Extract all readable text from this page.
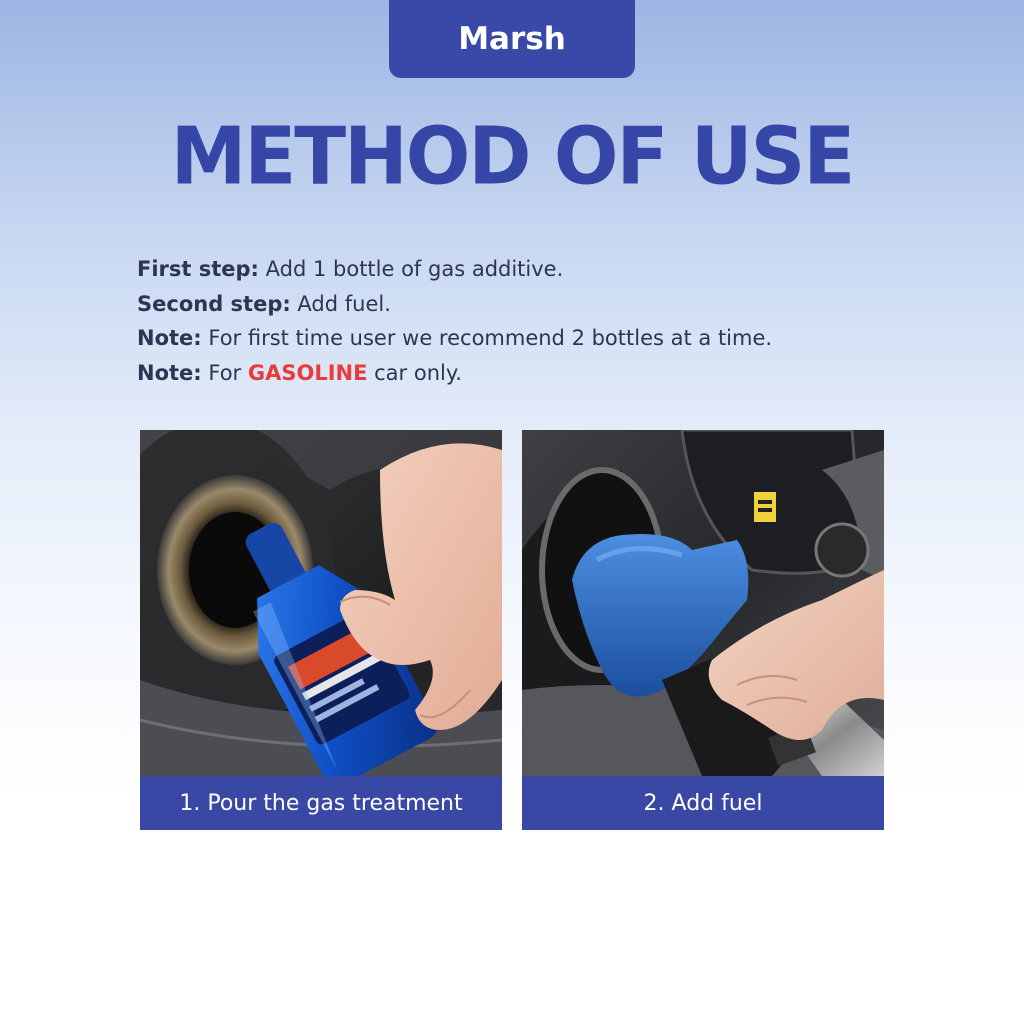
Marsh
METHOD OF USE
First step: Add 1 bottle of gas additive.
Second step: Add fuel.
Note: For first time user we recommend 2 bottles at a time.
Note: For GASOLINE car only.
1. Pour the gas treatment	2. Add fuel
